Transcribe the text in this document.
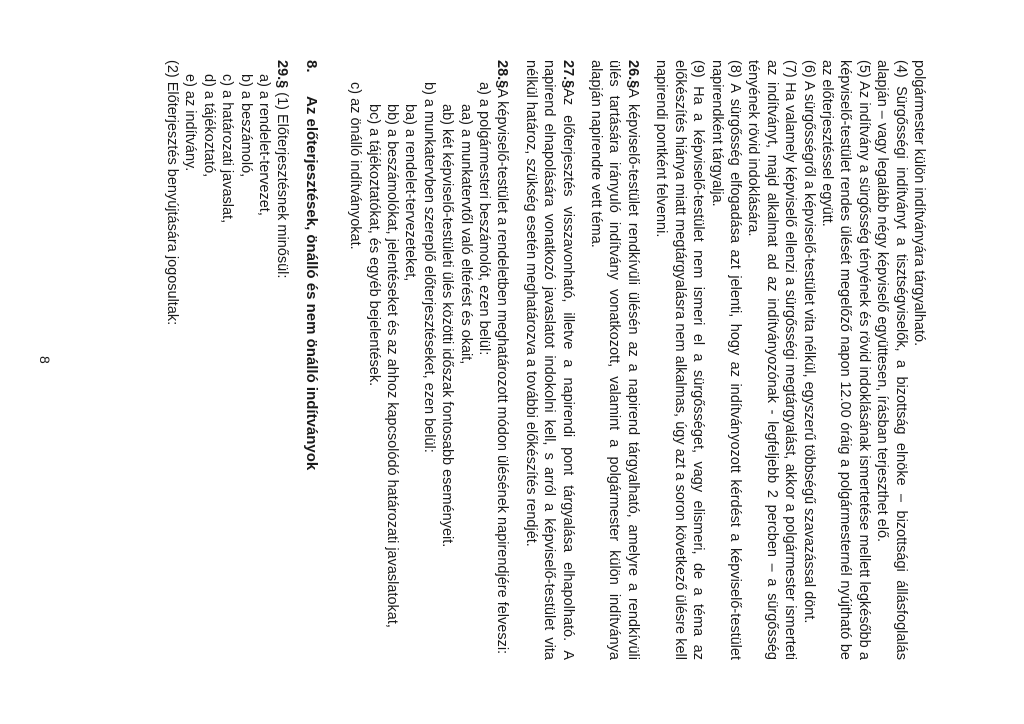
polgármester külön indítványára tárgyalható.

(4) Sürgősségi indítványt a tisztségviselők, a bizottság elnöke – bizottsági állásfoglalás alapján – vagy legalább négy képviselő együttesen, írásban terjeszthet elő.

(5) Az indítvány a sürgősség tényének és rövid indoklásának ismertetése mellett legkésőbb a képviselő-testület rendes ülését megelőző napon 12.00 óráig a polgármesternél nyújtható be az előterjesztéssel együtt.

(6) A sürgősségről a képviselő-testület vita nélkül, egyszerű többségű szavazással dönt.

(7) Ha valamely képviselő ellenzi a sürgősségi megtárgyalást, akkor a polgármester ismerteti az indítványt, majd alkalmat ad az indítványozónak - legfeljebb 2 percben – a sürgősség tényének rövid indoklására.

(8) A sürgősség elfogadása azt jelenti, hogy az indítványozott kérdést a képviselő-testület napirendként tárgyalja.

(9) Ha a képviselő-testület nem ismeri el a sürgősséget, vagy elismeri, de a téma az előkészítés hiánya miatt megtárgyalásra nem alkalmas, úgy azt a soron következő ülésre kell napirendi pontként felvenni.

26.§A képviselő-testület rendkívüli ülésén az a napirend tárgyalható, amelyre a rendkívüli ülés tartására irányuló indítvány vonatkozott, valamint a polgármester külön indítványa alapján napirendre vett téma.

27.§Az előterjesztés visszavonható, illetve a napirendi pont tárgyalása elhapolható. A napirend elnapolására vonatkozó javaslatot indokolni kell, s arról a képviselő-testület vita nélkül határoz, szükség esetén meghatározva a további előkészítés rendjét.

28.§A képviselő-testület a rendeletben meghatározott módon ülésének napirendjére felveszi:

a) a polgármesteri beszámolót, ezen belül:

aa) a munkatervtől való eltérést és okait,

ab) két képviselő-testületi ülés közötti időszak fontosabb eseményeit.

b) a munkatervben szereplő előterjesztéseket, ezen belül:

ba) a rendelet-tervezeteket,

bb) a beszámolókat, jelentéseket és az ahhoz kapcsolódó határozati javaslatokat,

bc) a tájékoztatókat, és egyéb bejelentések.

c) az önálló indítványokat.

8.Az előterjesztések, önálló és nem önálló indítványok

29.§ (1) Előterjesztésnek minősül:

a) a rendelet-tervezet,

b) a beszámoló,

c) a határozati javaslat,

d) a tájékoztató,

e) az indítvány.

(2) Előterjesztés benyújtására jogosultak:

8
